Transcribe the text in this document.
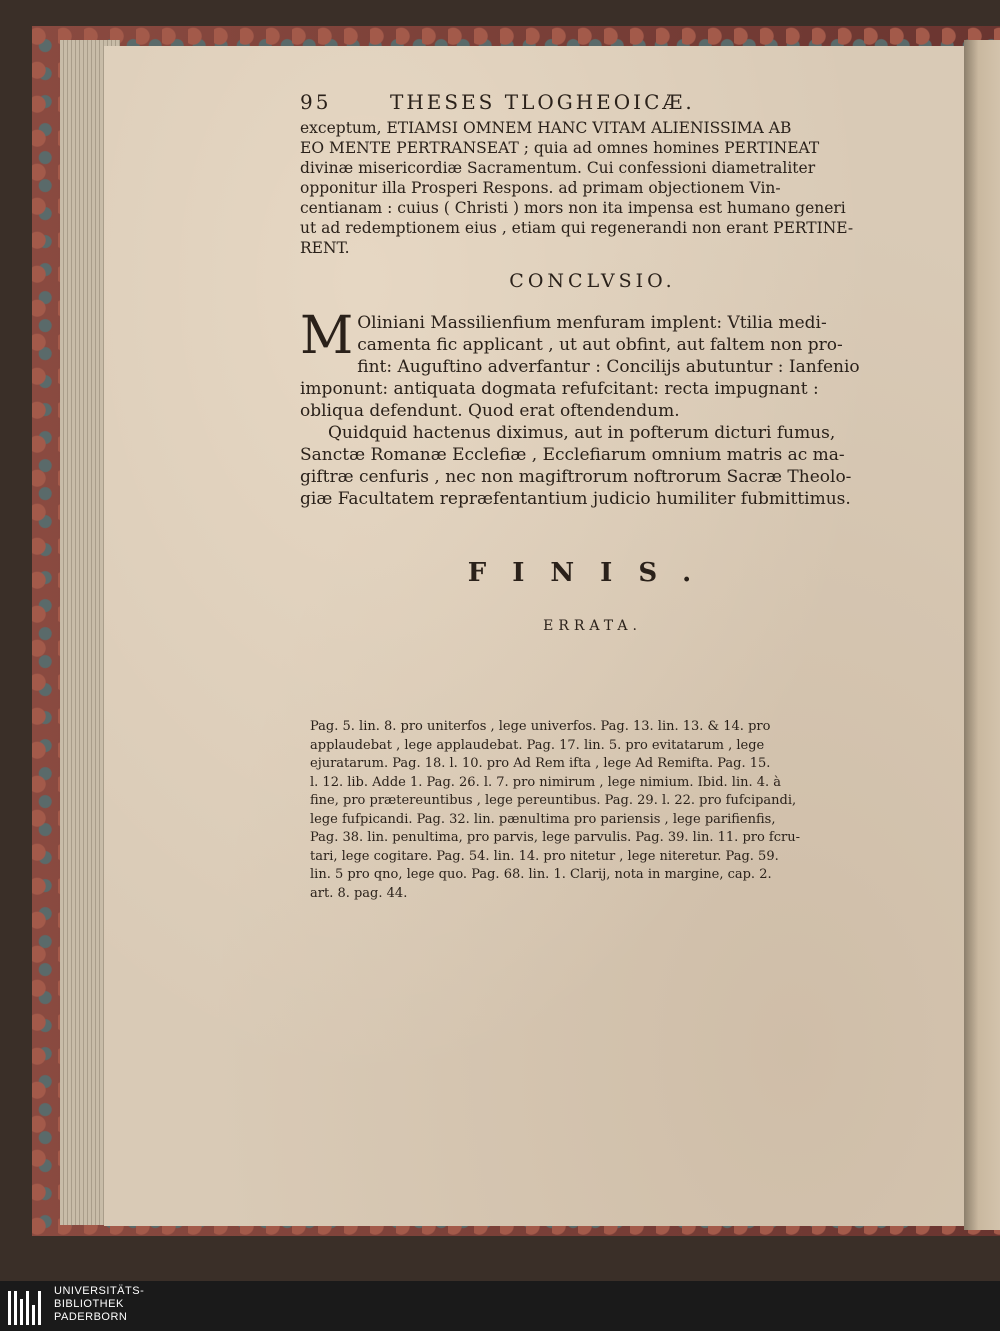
95	THESES TLOGHEOICÆ.
exceptum, ETIAMSI OMNEM HANC VITAM ALIENISSIMA AB
EO MENTE PERTRANSEAT ; quia ad omnes homines PERTINEAT
divinæ misericordiæ Sacramentum. Cui confessioni diametraliter
opponitur illa Prosperi Respons. ad primam objectionem Vin-
centianam : cuius ( Christi ) mors non ita impensa est humano generi
ut ad redemptionem eius , etiam qui regenerandi non erant PERTINE-
RENT.
CONCLVSIO.
M Oliniani Massilienfium menfuram implent: Vtilia medi-
camenta fic applicant , ut aut obfint, aut faltem non pro-
fint: Auguftino adverfantur : Concilijs abutuntur : Ianfenio
imponunt: antiquata dogmata refufcitant: recta impugnant :
obliqua defendunt. Quod erat oftendendum.
Quidquid hactenus diximus, aut in pofterum dicturi fumus,
Sanctæ Romanæ Ecclefiæ , Ecclefiarum omnium matris ac ma-
giftræ cenfuris , nec non magiftrorum noftrorum Sacræ Theolo-
giæ Facultatem repræfentantium judicio humiliter fubmittimus.
FINIS.
ERRATA.
Pag. 5. lin. 8. pro uniterfos , lege univerfos. Pag. 13. lin. 13. & 14. pro
applaudebat , lege applaudebat. Pag. 17. lin. 5. pro evitatarum , lege
ejuratarum. Pag. 18. l. 10. pro Ad Rem ifta , lege Ad Remifta. Pag. 15.
l. 12. lib. Adde 1. Pag. 26. l. 7. pro nimirum , lege nimium. Ibid. lin. 4. à
fine, pro prætereuntibus , lege pereuntibus. Pag. 29. l. 22. pro fufcipandi,
lege fufpicandi. Pag. 32. lin. pænultima pro pariensis , lege parifienfis,
Pag. 38. lin. penultima, pro parvis, lege parvulis. Pag. 39. lin. 11. pro fcru-
tari, lege cogitare. Pag. 54. lin. 14. pro nitetur , lege niteretur. Pag. 59.
lin. 5 pro qno, lege quo. Pag. 68. lin. 1. Clarij, nota in margine, cap. 2.
art. 8. pag. 44.
UNIVERSITÄTS-
BIBLIOTHEK
PADERBORN
